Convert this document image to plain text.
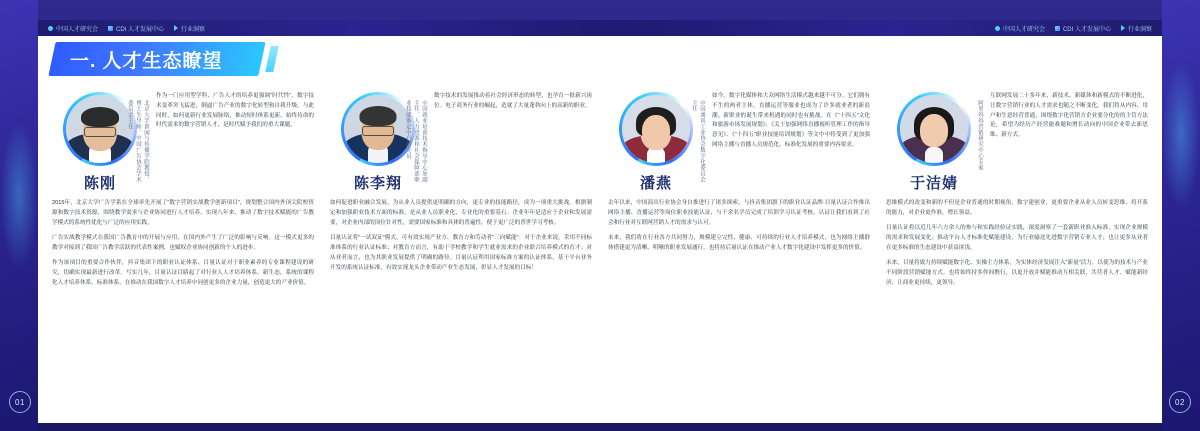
01	02
中国人才研究会	CDI 人才发展中心	行业洞察	中国人才研究会	CDI 人才发展中心	行业洞察
一. 人才生态瞭望
陈刚
北京大学新闻与传播学院教授、博士生导师、中国广告协会学术委员会主任

作为一门应用型学科，广告人才的培养更强调“时代性”。数字技术变革突飞猛进，倒逼广告产业的数字化转型和自我升级。与此同时，如何更新行业发展脉络，推动短时休系更新，始终待命的时代需求的数字营销人才，是时代赋予我们的重大课题。

2015年，北京大学广告学系在全球率先开展了“数字营销实战教学创新项目”，规划整合国内外顶尖院校资源和数字技术资源，围绕教学需求与企业协同进行人才培养。实现八年来，推动了数字技术赋能的广告教学模式的系统性优化与广泛的应用实践。

广告实战教学模式在我国广告教育中的开展与应用，在国内外产生了广泛的影响与反响。这一模式更多的教学对接到了我国广告教学活跃的代表性案例，也赋权企业协同创新的个人的进步。

作为该项目的重要合作伙伴，抖音集团下的职业认证体系、目量认证对于职业素养的专业课程建设的研究，切确实现最新进行改革。写实几年，目量认证目睹起了对行业人人才培养体系、新生态，系统的课程化人才培养体系，标准体系，在推动在我国数字人才培养中同创更多的企业力量，创造更大的产业价值。

陈李翔
中国就业培训技术指导中心原副主任、人力资源和社会保障部职业技能鉴定中心研究员

数字技术的发展推动着社会经济形态的转型，也孕育一批新兴岗位。电子商务行业的崛起，造就了大量蓬勃向上的高新的职业。

如何促进职业融合发展，为从业人员提供更明确的方向，更专业的技能路径，成为一项重大挑战。根据制定和加强职业技术方面的标准，是从业人员职业化、专业化的重要基石。企业年年是适应于企业和发展需要，对企业内部的岗位针对性，需要国家标准和具体的普遍性，便于更广泛的普世学习考核。

目量认证将“一试双证”模式，可有效实现产业方、教育方和劳动者“三向赋能”：对于企业来说，采用不同标准体系的行业认证标准；对教育方而言，有助于学校教学和学生就业需求的企业联合培养模式的育才；对从业者而言，也为其职业发展提供了明确的路径。目量认证利用国家标准方案的认证体系，基于平台业务开发的系统认证标准，有效实现龙头企业带动产业生态发展，彰显人才发展的目标！

潘燕
中国通讯工业协会数字化委员会主任

如今，数字化媒体和大众网络生活模式越来越不可分。它们拥有不生的两者主体，直播运营等服业也成为了许多就业者的新浪潮。新职业的诞生带来机遇的同时也有挑战。在《“十四五”文化和旅游市场发展规划》、《关于加强网络直播视听管理工作的指导意见》、《“十四五”职业技能培训规划》等文中中将受到了更加强网络主播与直播人员规范化、标准化发展的重要内容要求。

去年以来，中国演出行业协会身自推进行了诸多探索，与抖音集团旗下的职业认证品牌·目量认证合作推出网络主播、直播运营等岗位职业技能认证，与千余名学员完成了培训学习认证考核，认证让我们看到了社会和行业对互联网营销人才的需求与认可。

未来，我们将在行业各方共同努力，规模建立完性、健康、可持续的行业人才培养模式，也为网络主播群体搭建更为清晰、明晰的职业发展通行，也将持后量认证在推动产业人才数字化建设中发挥更多的价值。

于洁婧
阿里妈妈营销研究中心专家

互联网发展二十多年来，新技术、新媒体和新模式的不断进化，让数字营销行业的人才需求也随之不断变化。我们将从内容、用户和生意经营普通，围绕数字化营销方企业要分化的的主管方法论，希望为经历产经营能难题和增长动向的中国企业带去新思维、新方式。

思维模式的改变和新的不但是企业普通的时期视角，数字建创业，更重要企业从业人员转变思维、将开系的能力，对企业更作准，增长领益。

目量认证将以近几年六方余人的参与和实践经验证实践，深度洞察了一套新职业准入标准，实现企业规模的需求和发展变化；推动平台人才标准化赋能建设，为行业输送先进数字营销专业人才；也让更多从业者在更多标准的生态建设中获益匪浅。

未来，目量将致力持续赋能数字化、实操主力体系，为实体经济发展注入“新量”活力，以使为的技术与产业不同阶段营销赋能方式。也将始终持多你间携行，以更开放并赋能推动互相关联，共营者人才、赋能新经济、让商业更持续，更领导。
